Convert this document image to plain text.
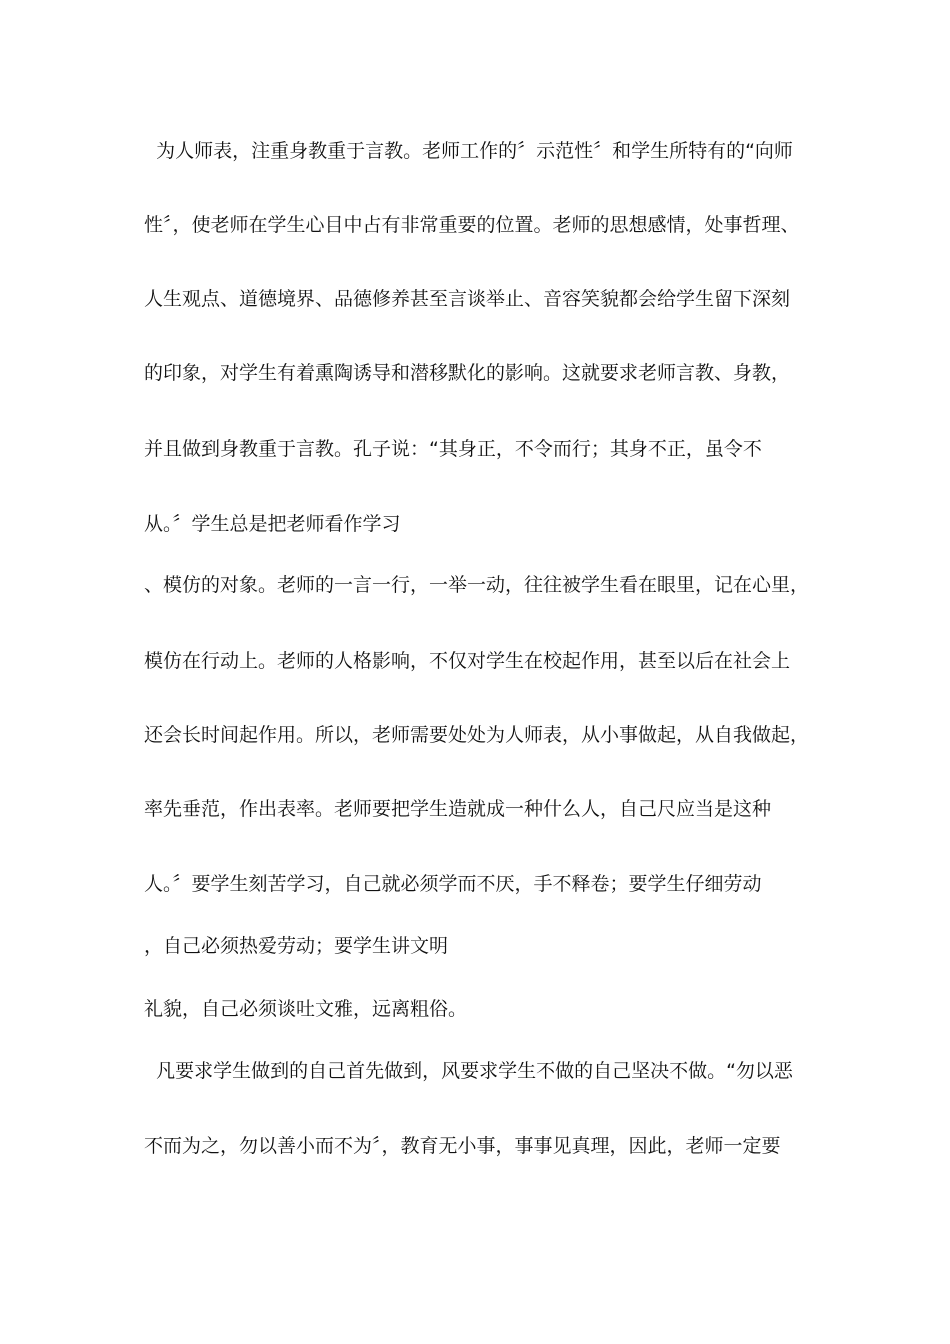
为人师表，注重身教重于言教。老师工作的〞示范性〞和学生所特有的“向师
性〞，使老师在学生心目中占有非常重要的位置。老师的思想感情，处事哲理、
人生观点、道德境界、品德修养甚至言谈举止、音容笑貌都会给学生留下深刻
的印象，对学生有着熏陶诱导和潜移默化的影响。这就要求老师言教、身教，
并且做到身教重于言教。孔子说：“其身正，不令而行；其身不正，虽令不
从。〞学生总是把老师看作学习
、模仿的对象。老师的一言一行，一举一动，往往被学生看在眼里，记在心里，
模仿在行动上。老师的人格影响，不仅对学生在校起作用，甚至以后在社会上
还会长时间起作用。所以，老师需要处处为人师表，从小事做起，从自我做起，
率先垂范，作出表率。老师要把学生造就成一种什么人，自己尺应当是这种
人。〞要学生刻苦学习，自己就必须学而不厌，手不释卷；要学生仔细劳动
，自己必须热爱劳动；要学生讲文明
礼貌，自己必须谈吐文雅，远离粗俗。
凡要求学生做到的自己首先做到，风要求学生不做的自己坚决不做。“勿以恶
不而为之，勿以善小而不为〞，教育无小事，事事见真理，因此，老师一定要
